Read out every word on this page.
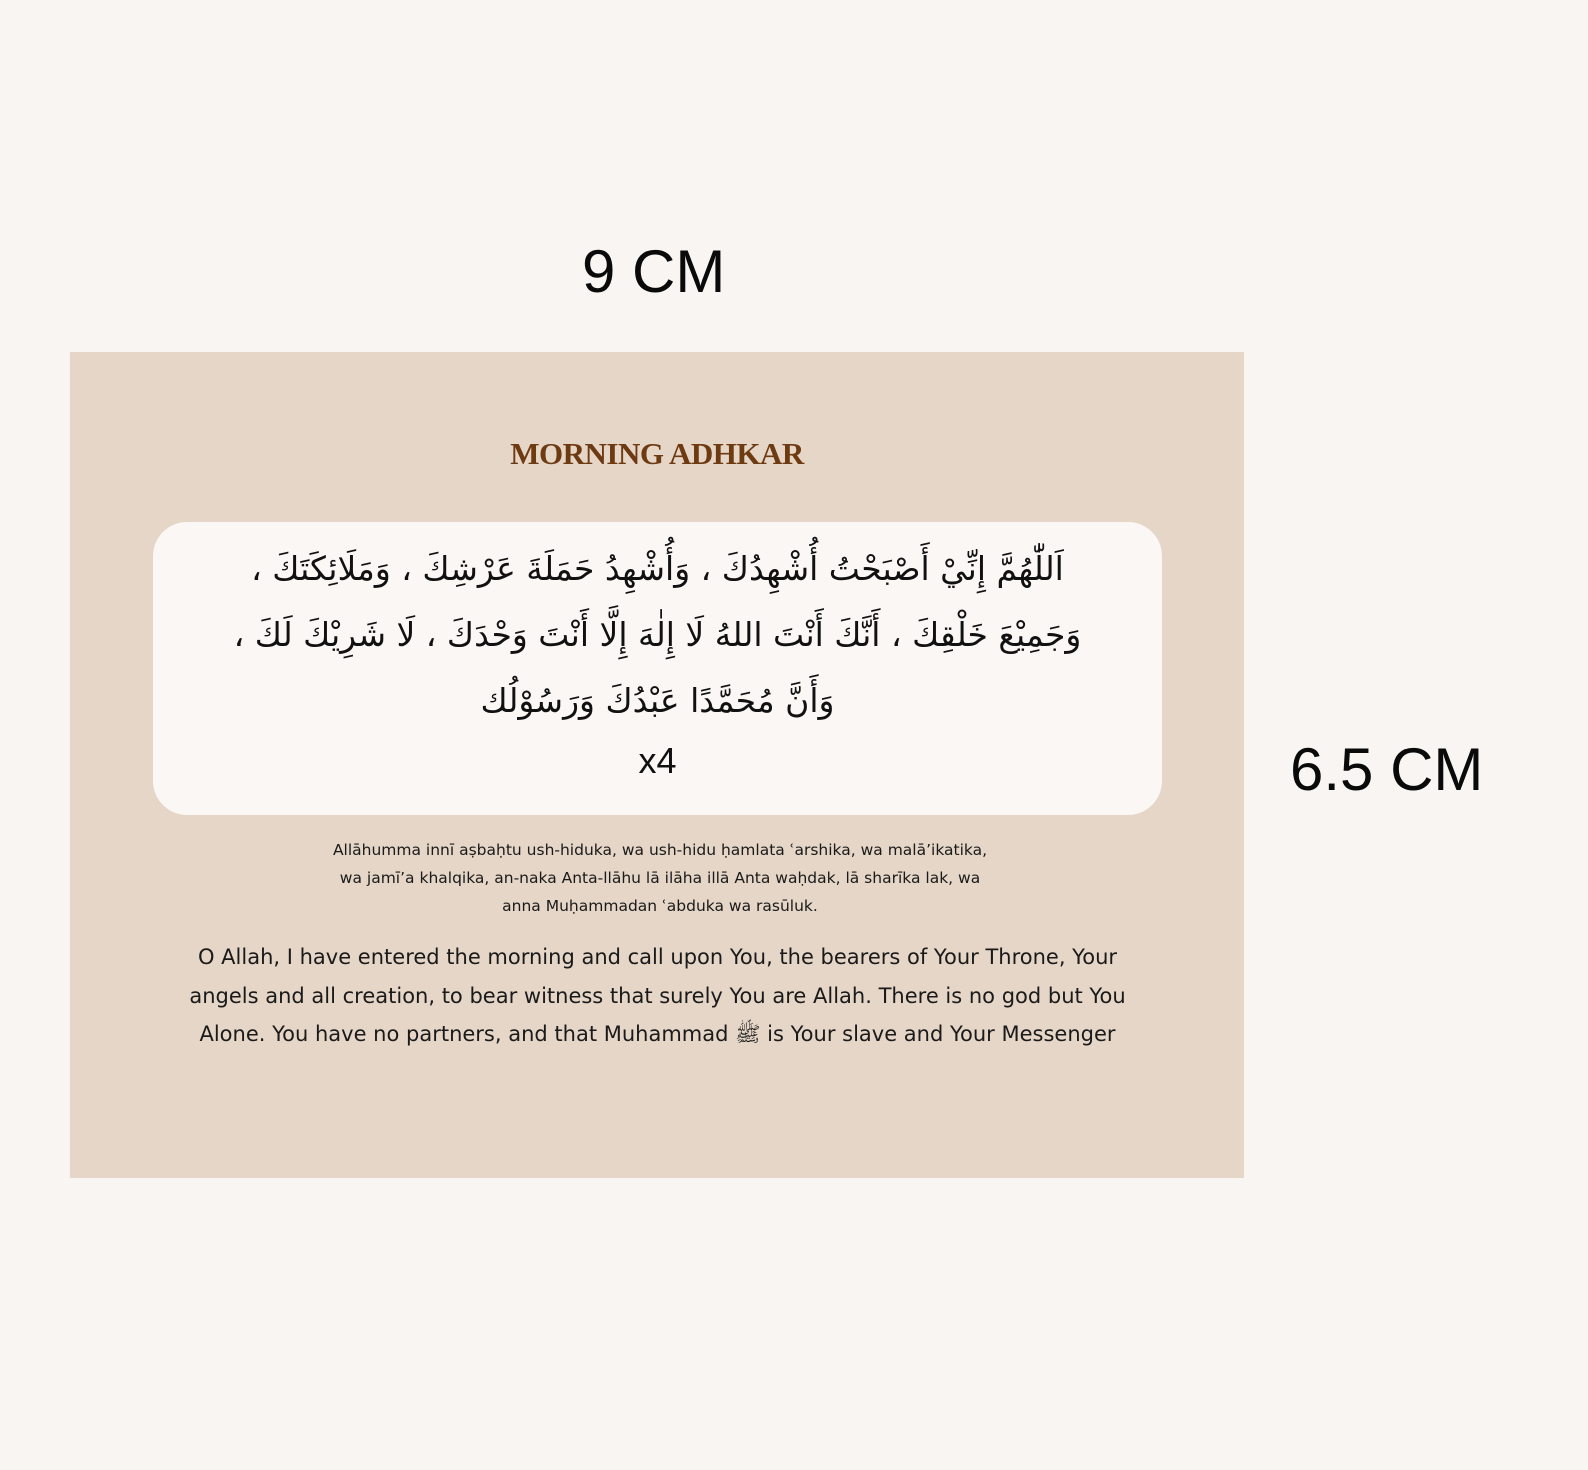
9 CM
MORNING ADHKAR
اَللّٰهُمَّ إِنِّيْ أَصْبَحْتُ أُشْهِدُكَ ، وَأُشْهِدُ حَمَلَةَ عَرْشِكَ ، وَمَلَائِكَتَكَ ، وَجَمِيْعَ خَلْقِكَ ، أَنَّكَ أَنْتَ اللهُ لَا إِلٰهَ إِلَّا أَنْتَ وَحْدَكَ ، لَا شَرِيْكَ لَكَ ، وَأَنَّ مُحَمَّدًا عَبْدُكَ وَرَسُوْلُك
x4
Allāhumma innī aṣbaḥtu ush-hiduka, wa ush-hidu ḥamlata ʿarshika, wa malā’ikatika, wa jamī’a khalqika, an-naka Anta-llāhu lā ilāha illā Anta waḥdak, lā sharīka lak, wa anna Muḥammadan ʿabduka wa rasūluk.
O Allah, I have entered the morning and call upon You, the bearers of Your Throne, Your angels and all creation, to bear witness that surely You are Allah. There is no god but You Alone. You have no partners, and that Muhammad ﷺ is Your slave and Your Messenger
6.5 CM
